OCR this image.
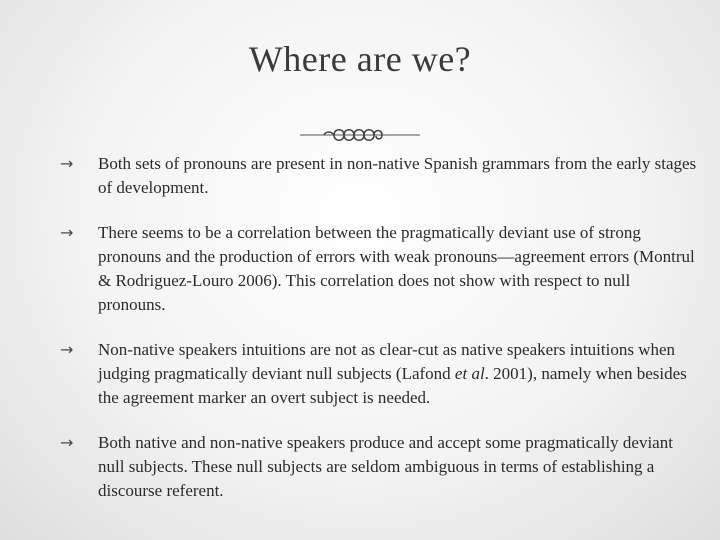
Where are we?
→ Both sets of pronouns are present in non-native Spanish grammars from the early stages of development.
→ There seems to be a correlation between the pragmatically deviant use of strong pronouns and the production of errors with weak pronouns—agreement errors (Montrul & Rodriguez-Louro 2006). This correlation does not show with respect to null pronouns.
→ Non-native speakers intuitions are not as clear-cut as native speakers intuitions when judging pragmatically deviant null subjects (Lafond et al. 2001), namely when besides the agreement marker an overt subject is needed.
→ Both native and non-native speakers produce and accept some pragmatically deviant null subjects. These null subjects are seldom ambiguous in terms of establishing a discourse referent.
